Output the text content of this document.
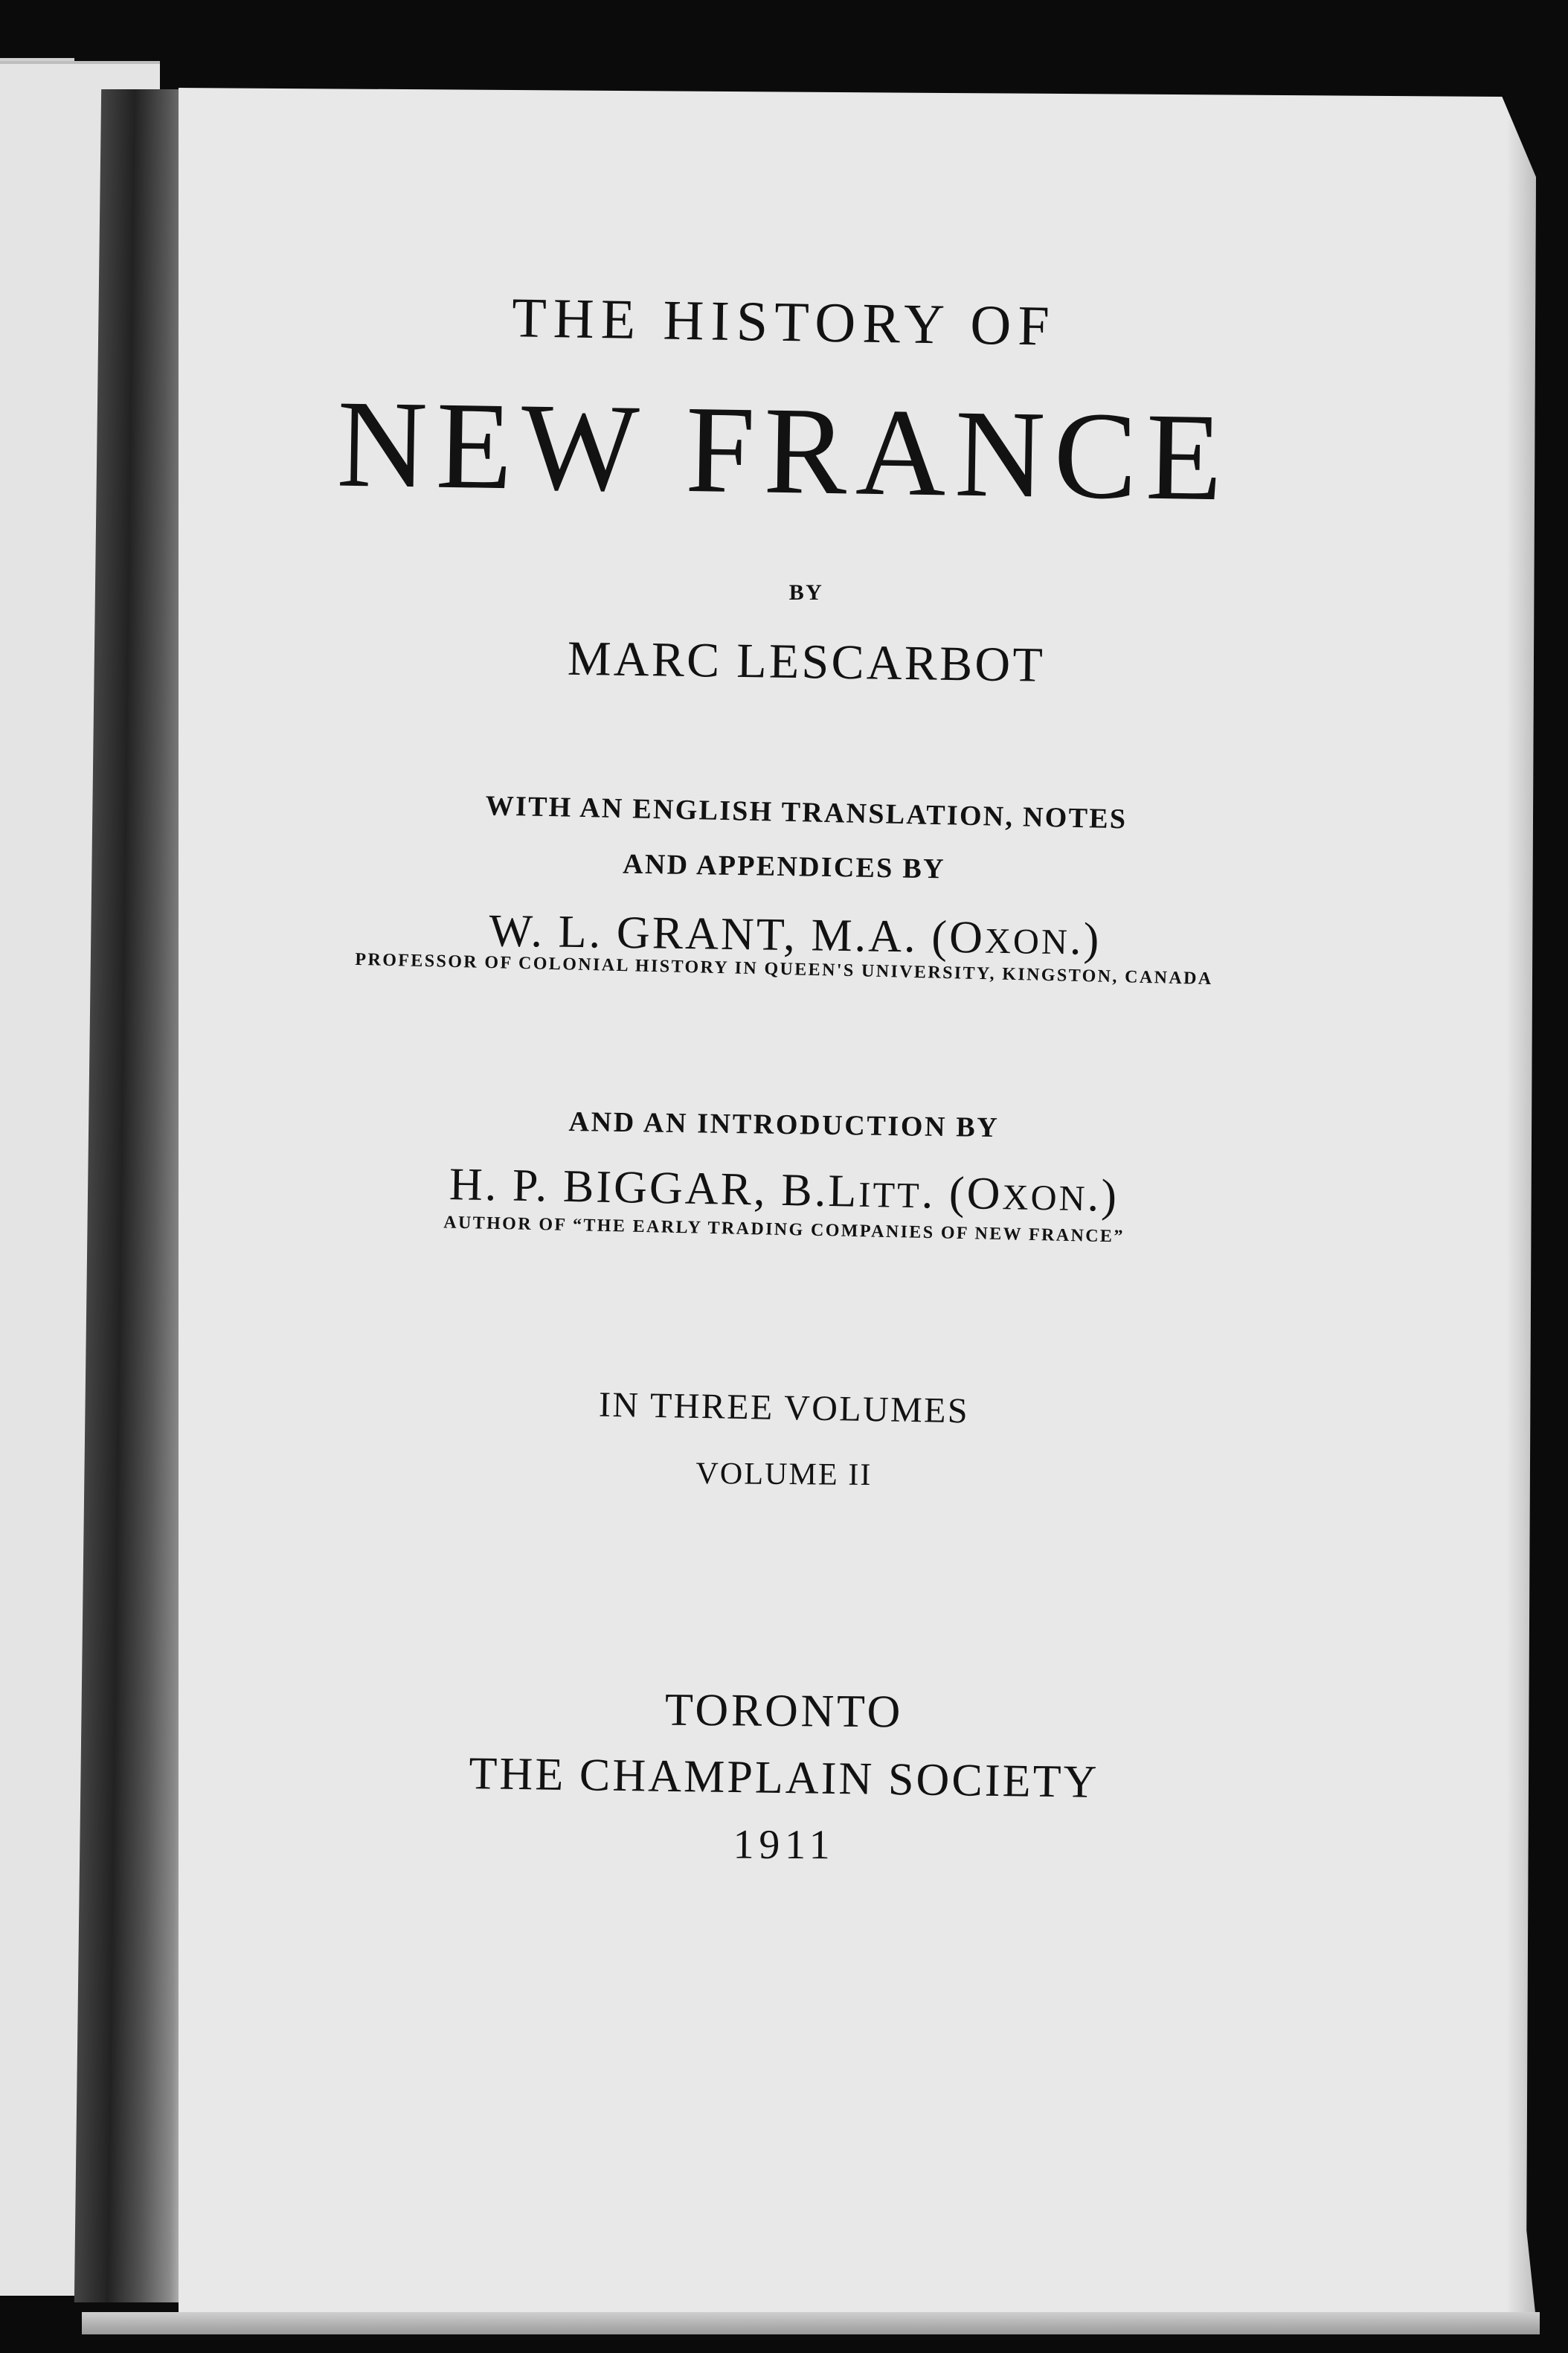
THE HISTORY OF
NEW FRANCE
BY
MARC LESCARBOT
WITH AN ENGLISH TRANSLATION, NOTES
AND APPENDICES BY
W. L. GRANT, M.A. (OXON.)
PROFESSOR OF COLONIAL HISTORY IN QUEEN'S UNIVERSITY, KINGSTON, CANADA
AND AN INTRODUCTION BY
H. P. BIGGAR, B.LITT. (OXON.)
AUTHOR OF “THE EARLY TRADING COMPANIES OF NEW FRANCE”
IN THREE VOLUMES
VOLUME II
TORONTO
THE CHAMPLAIN SOCIETY
1911
